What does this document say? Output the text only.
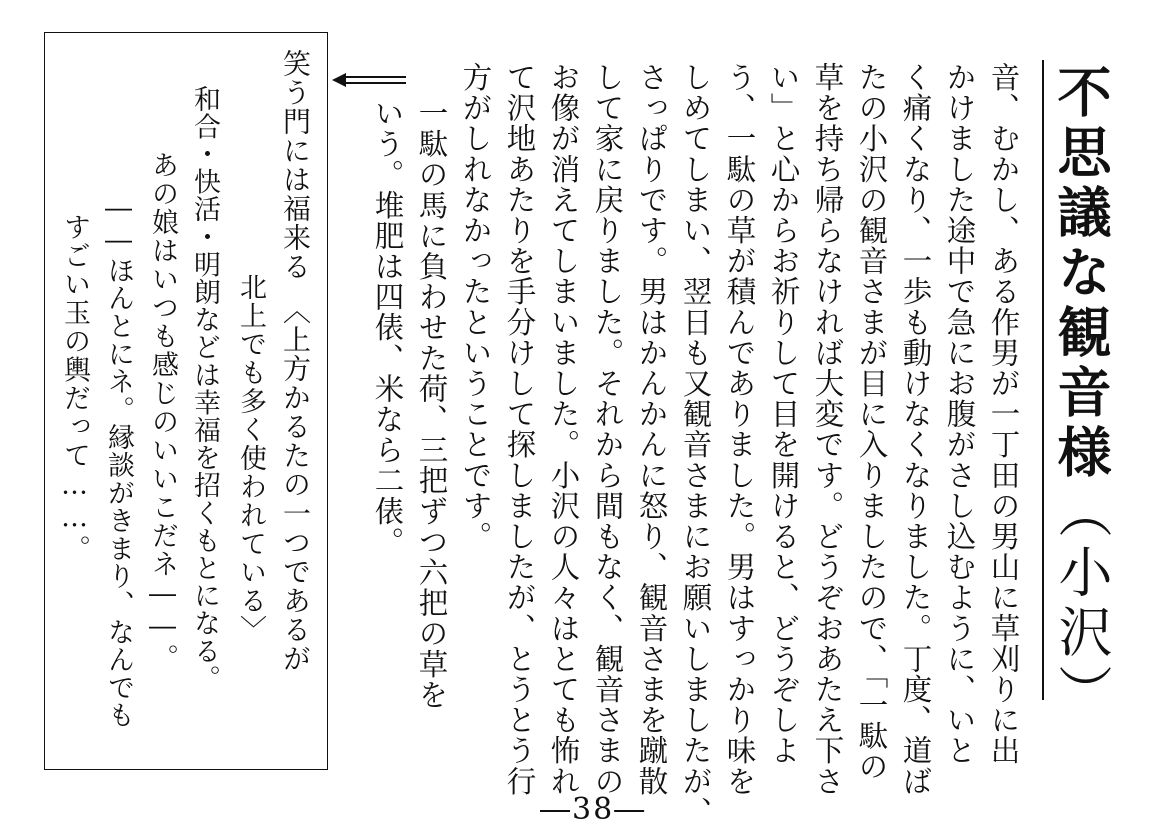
不思議な観音様（小沢）
音、むかし、ある作男が一丁田の男山に草刈りに出
かけました途中で急にお腹がさし込むように、いと
く痛くなり、一歩も動けなくなりました。丁度、道ば
たの小沢の観音さまが目に入りましたので、「一駄の
草を持ち帰らなければ大変です。どうぞおあたえ下さ
い」と心からお祈りして目を開けると、どうぞしよ
う、一駄の草が積んでありました。男はすっかり味を
しめてしまい、翌日も又観音さまにお願いしましたが、
さっぱりです。男はかんかんに怒り、観音さまを蹴散
して家に戻りました。それから間もなく、観音さまの
お像が消えてしまいました。小沢の人々はとても怖れ
て沢地あたりを手分けして探しましたが、とうとう行
方がしれなかったということです。
一駄の馬に負わせた荷、三把ずつ六把の草を
いう。堆肥は四俵、米なら二俵。
笑う門には福来る　〈上方かるたの一つであるが
北上でも多く使われている〉
和合・快活・明朗などは幸福を招くもとになる。
あの娘はいつも感じのいいこだネ――。
――ほんとにネ。縁談がきまり、なんでも
すごい玉の輿だって……。
―38―
